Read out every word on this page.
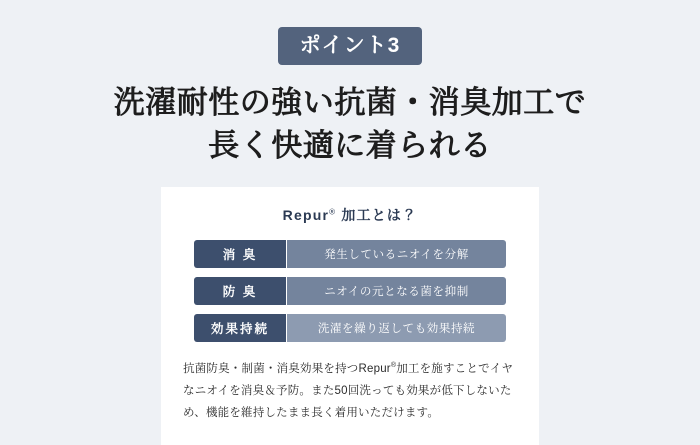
ポイント3
洗濯耐性の強い抗菌・消臭加工で
長く快適に着られる
Repur® 加工とは？
消 臭	発生しているニオイを分解
防 臭	ニオイの元となる菌を抑制
効果持続	洗濯を繰り返しても効果持続

抗菌防臭・制菌・消臭効果を持つRepur®加工を施すことでイヤなニオイを消臭＆予防。また50回洗っても効果が低下しないため、機能を維持したまま長く着用いただけます。
